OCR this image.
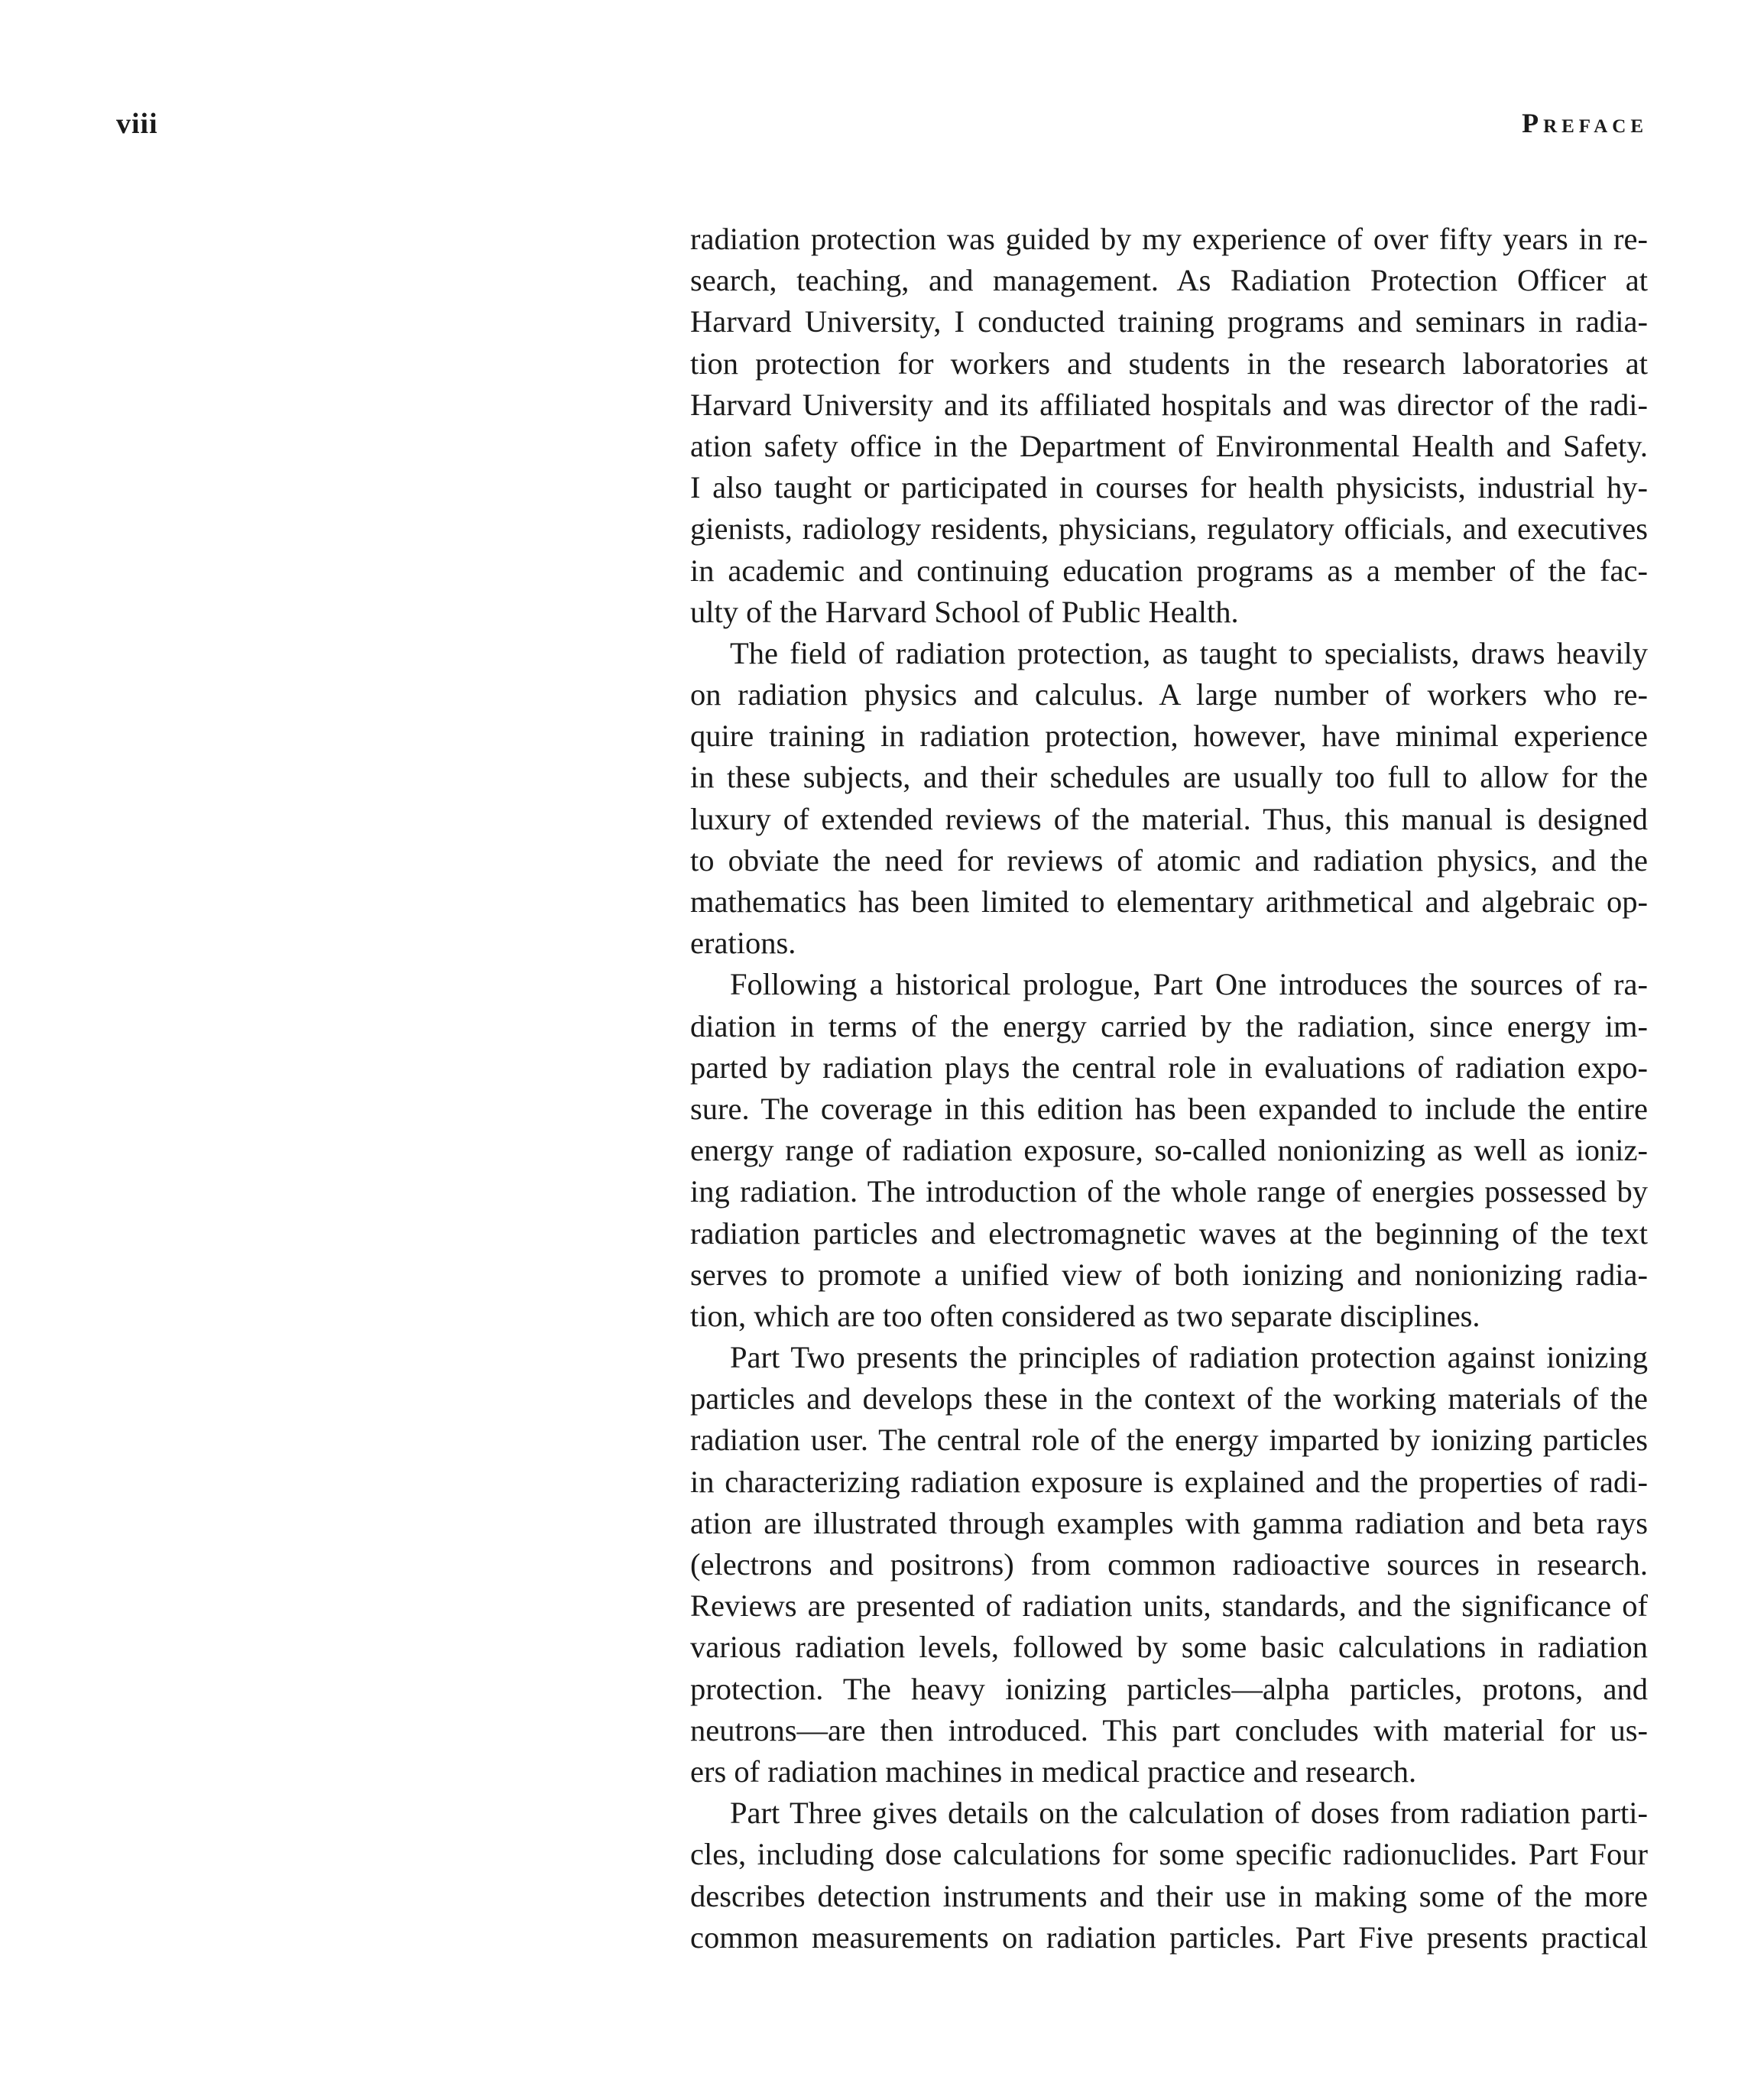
viii	Preface
radiation protection was guided by my experience of over fifty years in re-
search, teaching, and management. As Radiation Protection Officer at
Harvard University, I conducted training programs and seminars in radia-
tion protection for workers and students in the research laboratories at
Harvard University and its affiliated hospitals and was director of the radi-
ation safety office in the Department of Environmental Health and Safety.
I also taught or participated in courses for health physicists, industrial hy-
gienists, radiology residents, physicians, regulatory officials, and executives
in academic and continuing education programs as a member of the fac-
ulty of the Harvard School of Public Health.
The field of radiation protection, as taught to specialists, draws heavily
on radiation physics and calculus. A large number of workers who re-
quire training in radiation protection, however, have minimal experience
in these subjects, and their schedules are usually too full to allow for the
luxury of extended reviews of the material. Thus, this manual is designed
to obviate the need for reviews of atomic and radiation physics, and the
mathematics has been limited to elementary arithmetical and algebraic op-
erations.
Following a historical prologue, Part One introduces the sources of ra-
diation in terms of the energy carried by the radiation, since energy im-
parted by radiation plays the central role in evaluations of radiation expo-
sure. The coverage in this edition has been expanded to include the entire
energy range of radiation exposure, so-called nonionizing as well as ioniz-
ing radiation. The introduction of the whole range of energies possessed by
radiation particles and electromagnetic waves at the beginning of the text
serves to promote a unified view of both ionizing and nonionizing radia-
tion, which are too often considered as two separate disciplines.
Part Two presents the principles of radiation protection against ionizing
particles and develops these in the context of the working materials of the
radiation user. The central role of the energy imparted by ionizing particles
in characterizing radiation exposure is explained and the properties of radi-
ation are illustrated through examples with gamma radiation and beta rays
(electrons and positrons) from common radioactive sources in research.
Reviews are presented of radiation units, standards, and the significance of
various radiation levels, followed by some basic calculations in radiation
protection. The heavy ionizing particles—alpha particles, protons, and
neutrons—are then introduced. This part concludes with material for us-
ers of radiation machines in medical practice and research.
Part Three gives details on the calculation of doses from radiation parti-
cles, including dose calculations for some specific radionuclides. Part Four
describes detection instruments and their use in making some of the more
common measurements on radiation particles. Part Five presents practical
